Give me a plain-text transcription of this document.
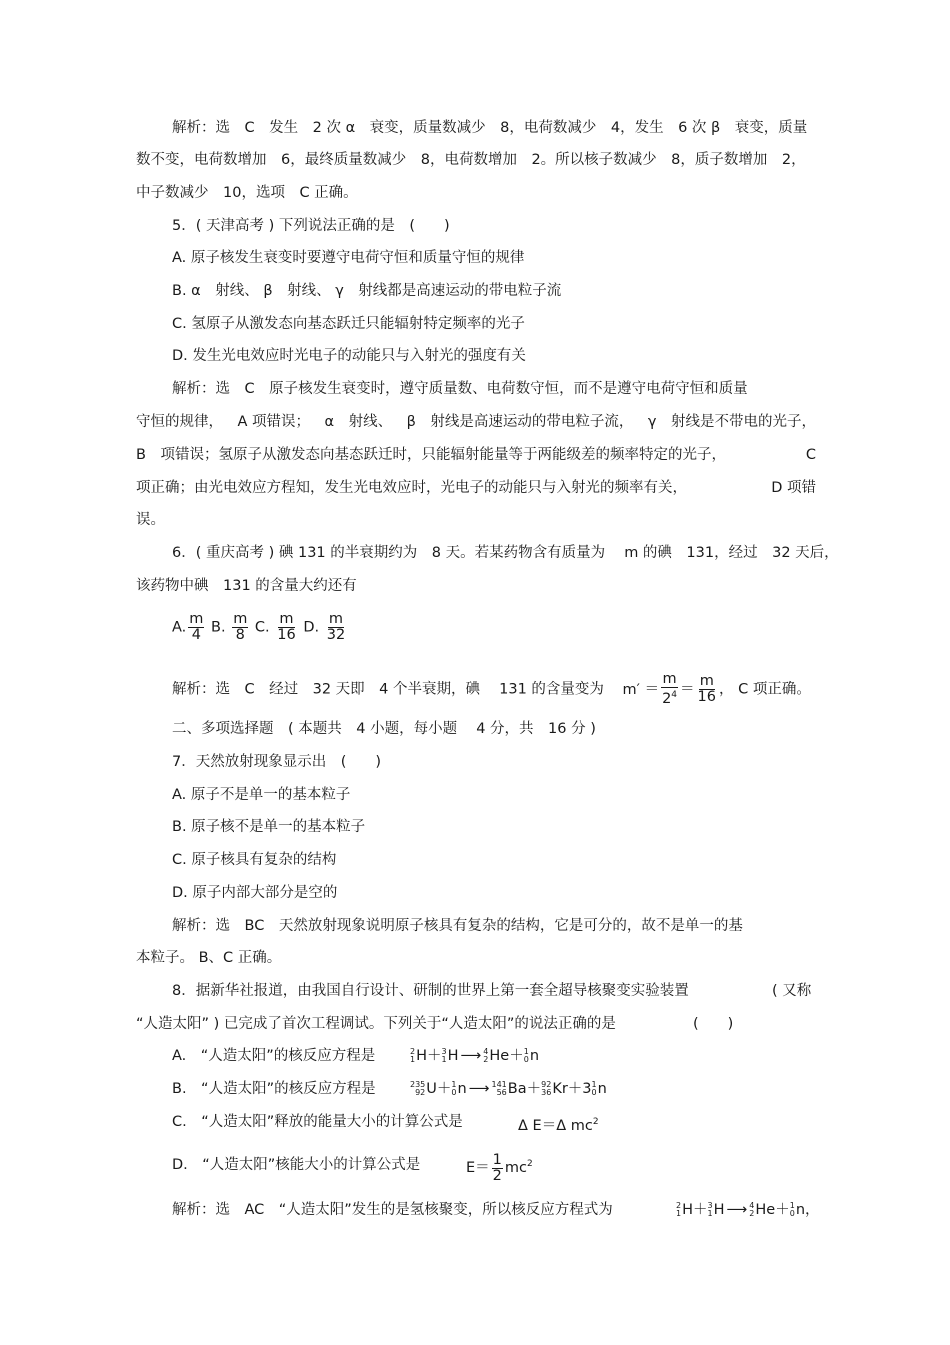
解析：选　C　发生　2 次 α　衰变，质量数减少　8，电荷数减少　4，发生　6 次 β　衰变，质量
数不变，电荷数增加　6，最终质量数减少　8，电荷数增加　2。所以核子数减少　8，质子数增加　2，
中子数减少　10，选项　C 正确。
5．( 天津高考 ) 下列说法正确的是　(　　)
A. 原子核发生衰变时要遵守电荷守恒和质量守恒的规律
B. α　射线、 β　射线、 γ　射线都是高速运动的带电粒子流
C. 氢原子从激发态向基态跃迁只能辐射特定频率的光子
D. 发生光电效应时光电子的动能只与入射光的强度有关
解析：选　C　原子核发生衰变时，遵守质量数、电荷数守恒，而不是遵守电荷守恒和质量
守恒的规律， A 项错误； α　射线、 β　射线是高速运动的带电粒子流， γ　射线是不带电的光子，
B　项错误；氢原子从激发态向基态跃迁时，只能辐射能量等于两能级差的频率特定的光子，	C
项正确；由光电效应方程知，发生光电效应时，光电子的动能只与入射光的频率有关，	D 项错
误。
6．( 重庆高考 ) 碘 131 的半衰期约为　8 天。若某药物含有质量为　 m 的碘　131，经过　32 天后，
该药物中碘　131 的含量大约还有
A. $\frac{m}{4} B$. $\frac{m}{8} C$. $\frac{m}{16} D$. $\frac{m}{32}$
解析：选　C　经过　32 天即　4 个半衰期，碘　 131 的含量变为 $m' = \frac{m}{2^4} = \frac{m}{16}$ ， C 项正确。
二、多项选择题　( 本题共　4 小题，每小题　 4 分，共　16 分 )
7．天然放射现象显示出　(　　)
A. 原子不是单一的基本粒子
B. 原子核不是单一的基本粒子
C. 原子核具有复杂的结构
D. 原子内部大部分是空的
解析：选　BC　天然放射现象说明原子核具有复杂的结构，它是可分的，故不是单一的基
本粒子。 B、C 正确。
8．据新华社报道，由我国自行设计、研制的世界上第一套全超导核聚变实验装置	( 又称
“人造太阳” ) 已完成了首次工程调试。下列关于“人造太阳”的说法正确的是　　　　　 (　　)
A.　“人造太阳”的核反应方程是	2
1 H ＋ 3
1 H ⟶ 4
2 He ＋ 1
0 n
B.　“人造太阳”的核反应方程是	235
92 U ＋ 1
0 n ⟶ 141
56 Ba ＋ 92
36 Kr ＋3 1
0 n
C.　“人造太阳”释放的能量大小的计算公式是	Δ E＝Δ $mc^2$
D.　“人造太阳”核能大小的计算公式是	$E= \frac{1}{2} mc^2$
解析：选　AC　“人造太阳”发生的是氢核聚变，所以核反应方程式为	2
1 H ＋ 3
1 H ⟶ 4
2 He ＋ 1
0 n ，
